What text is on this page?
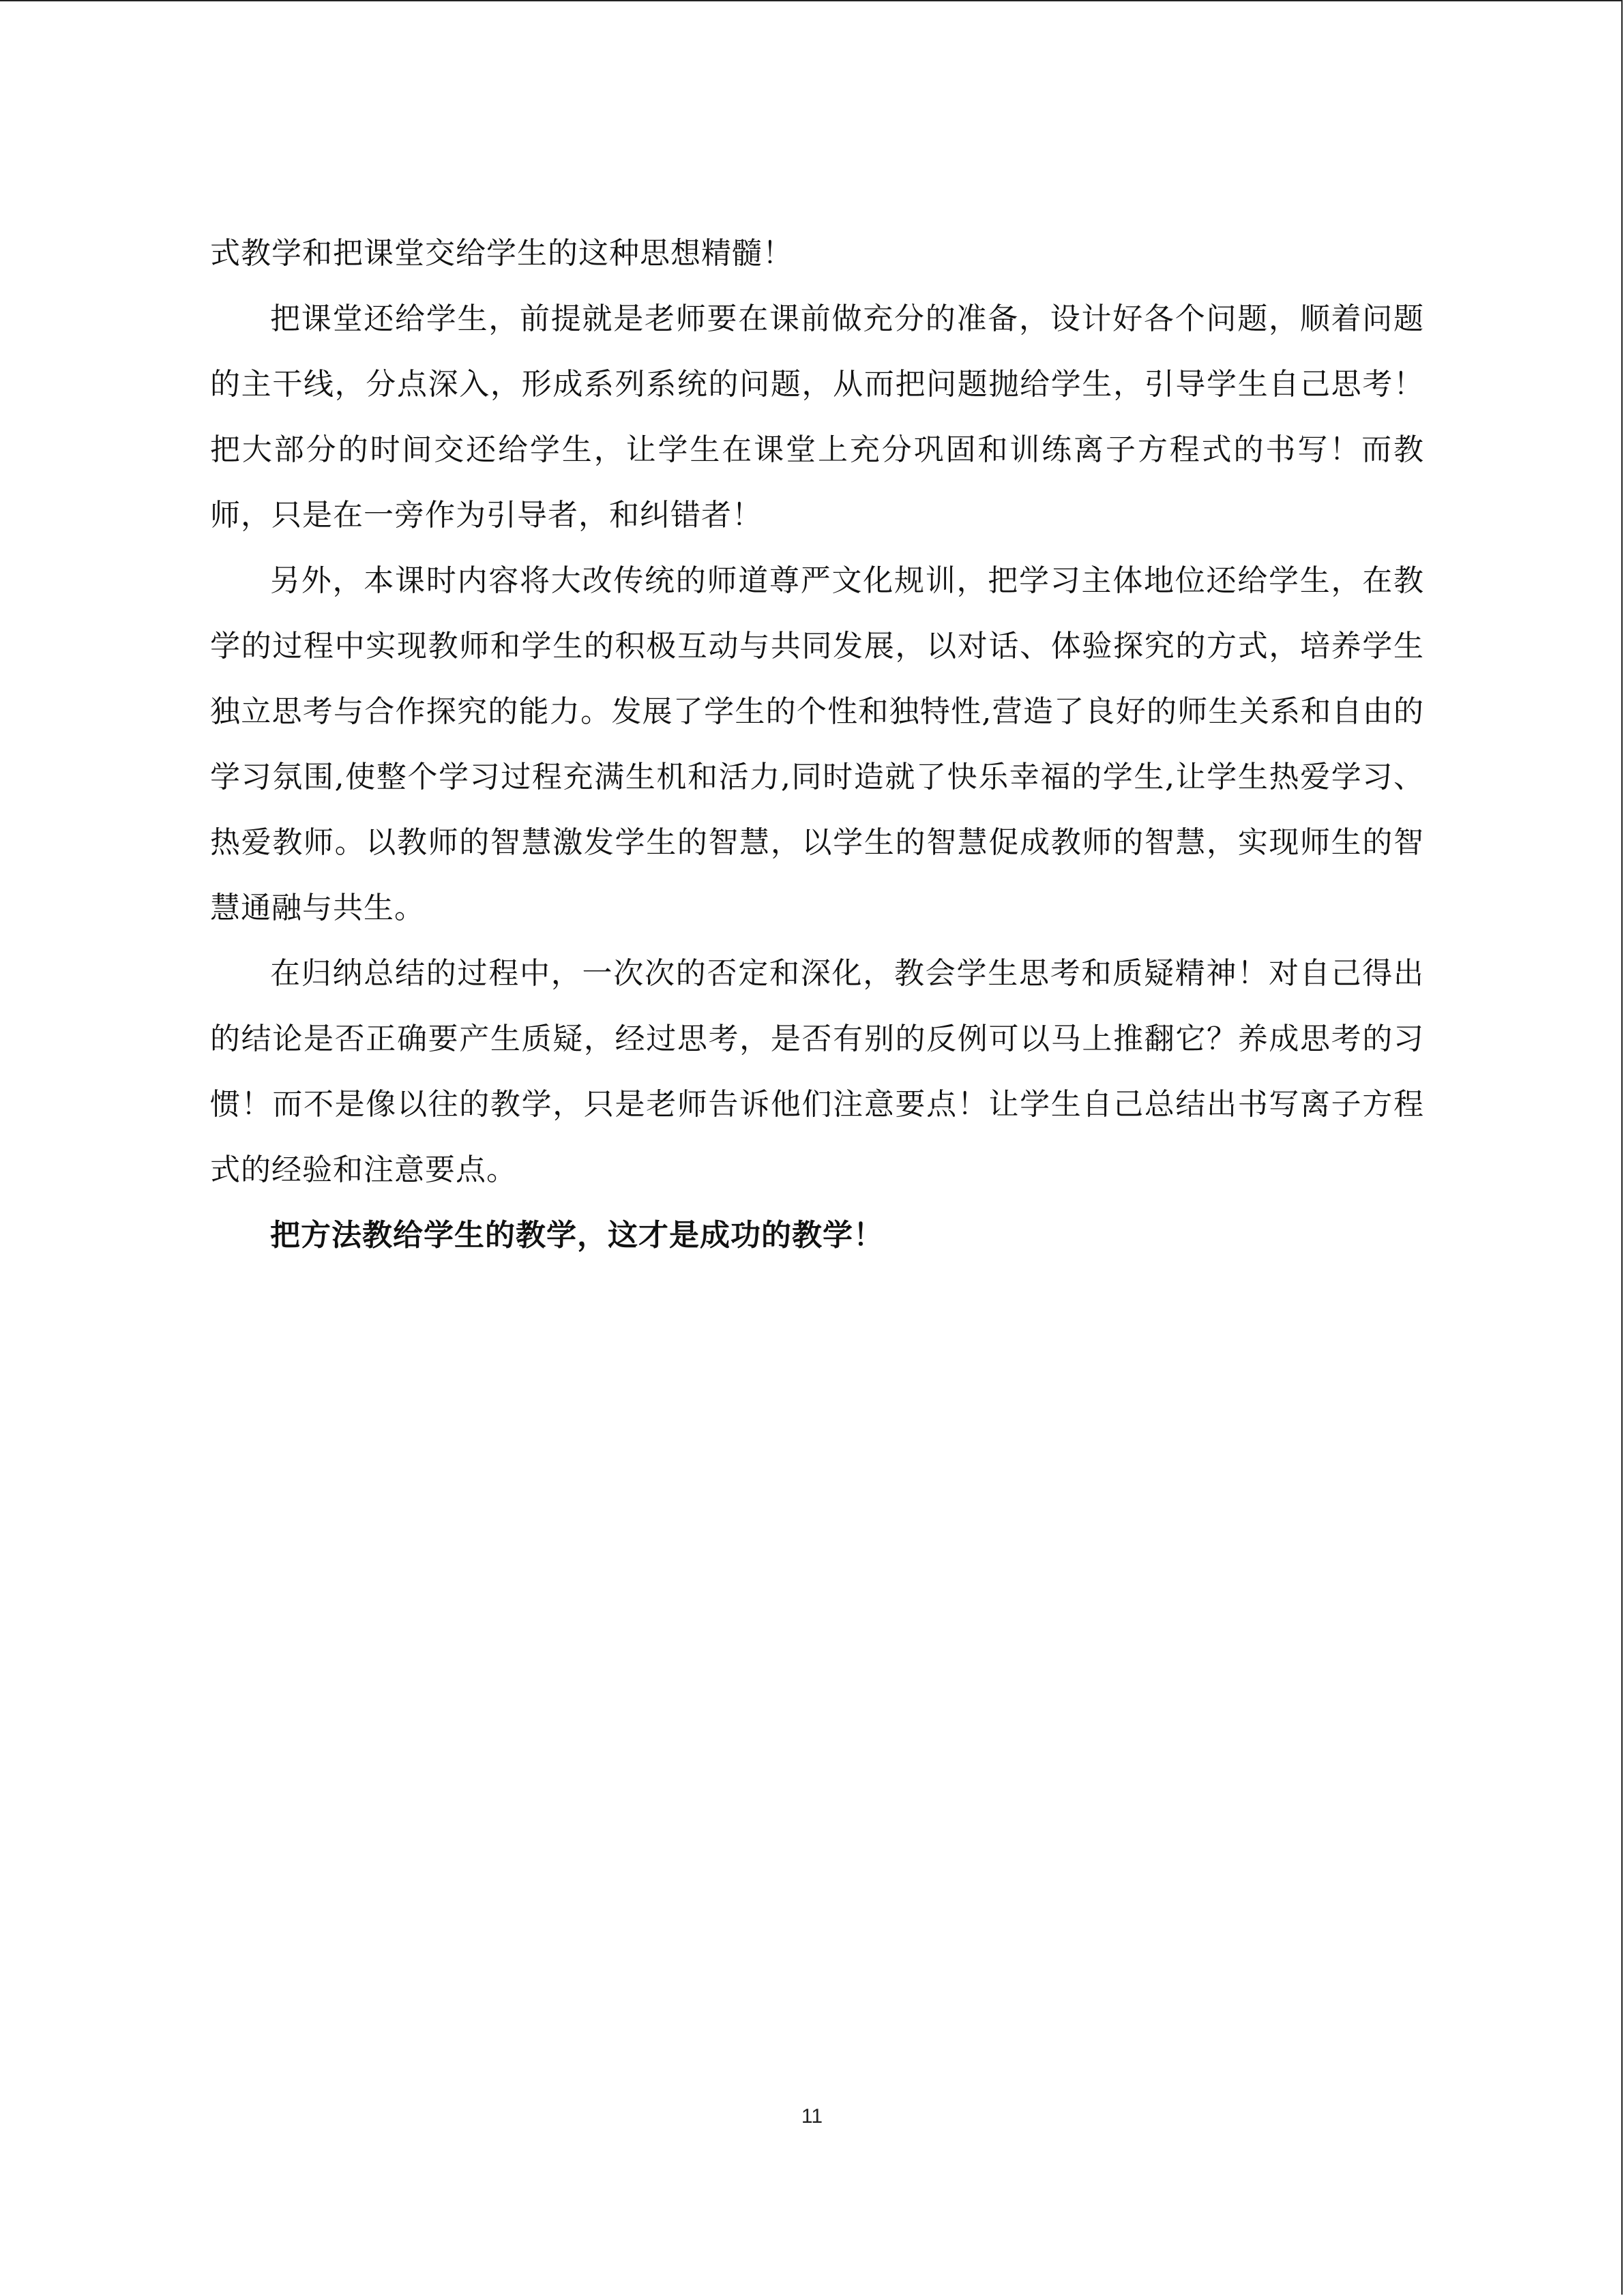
式教学和把课堂交给学生的这种思想精髓！

把课堂还给学生，前提就是老师要在课前做充分的准备，设计好各个问题，顺着问题的主干线，分点深入，形成系列系统的问题，从而把问题抛给学生，引导学生自己思考！把大部分的时间交还给学生，让学生在课堂上充分巩固和训练离子方程式的书写！而教师，只是在一旁作为引导者，和纠错者！

另外，本课时内容将大改传统的师道尊严文化规训，把学习主体地位还给学生，在教学的过程中实现教师和学生的积极互动与共同发展，以对话、体验探究的方式，培养学生独立思考与合作探究的能力。发展了学生的个性和独特性,营造了良好的师生关系和自由的学习氛围,使整个学习过程充满生机和活力,同时造就了快乐幸福的学生,让学生热爱学习、热爱教师。以教师的智慧激发学生的智慧，以学生的智慧促成教师的智慧，实现师生的智慧通融与共生。

在归纳总结的过程中，一次次的否定和深化，教会学生思考和质疑精神！对自己得出的结论是否正确要产生质疑，经过思考，是否有别的反例可以马上推翻它？养成思考的习惯！而不是像以往的教学，只是老师告诉他们注意要点！让学生自己总结出书写离子方程式的经验和注意要点。

把方法教给学生的教学，这才是成功的教学！

11
